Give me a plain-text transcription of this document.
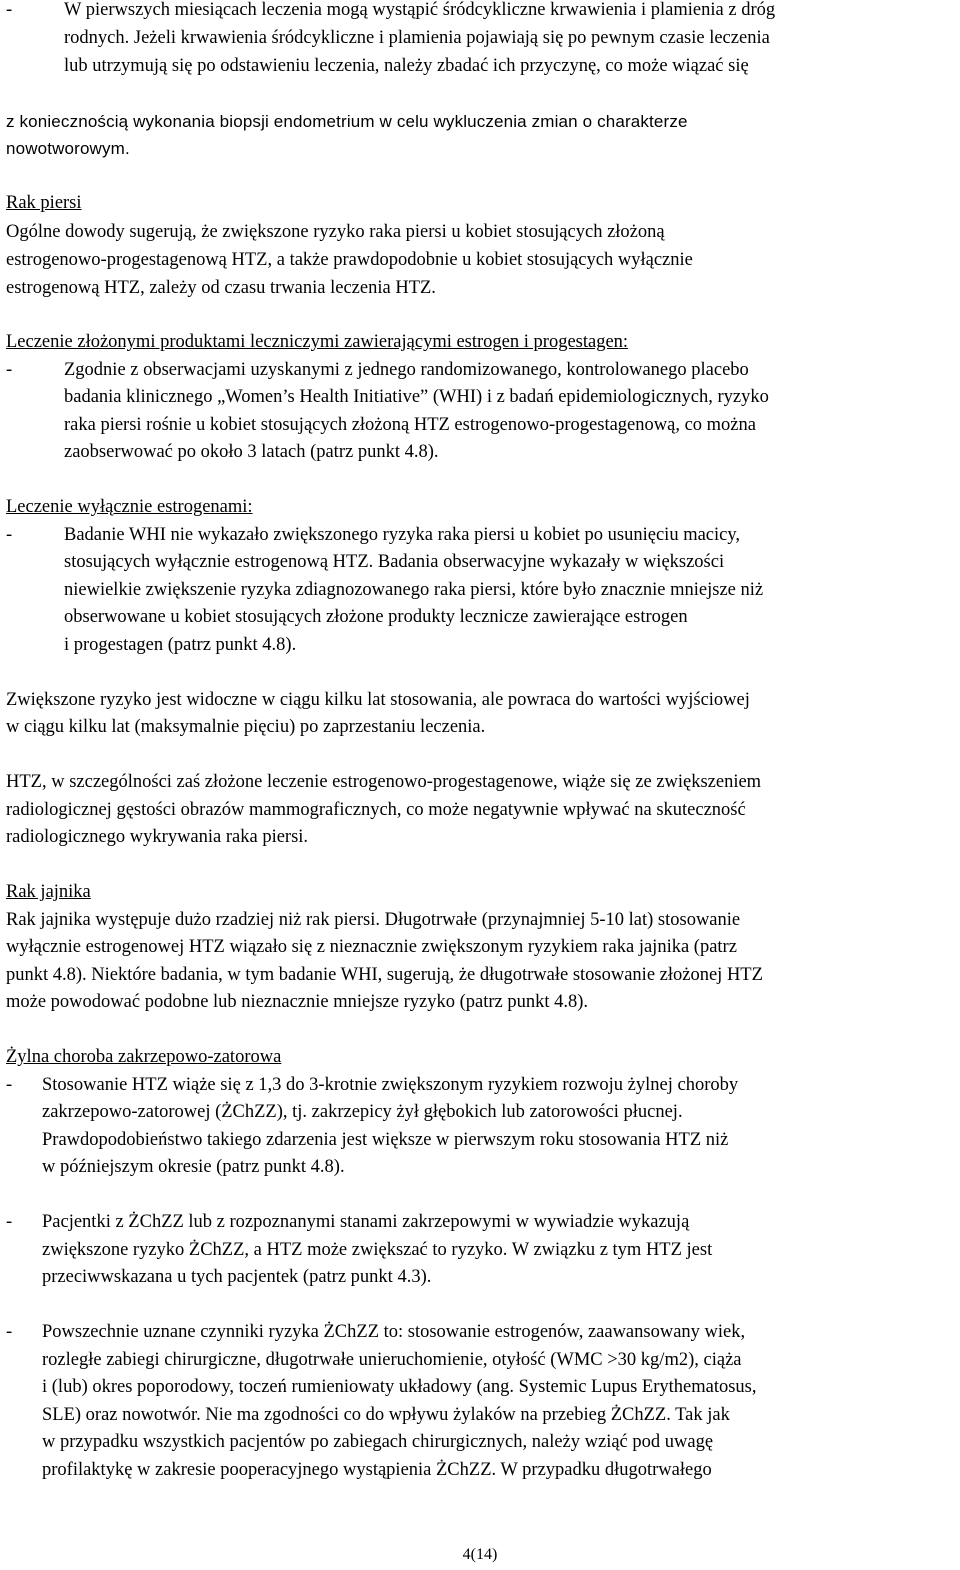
-	W pierwszych miesiącach leczenia mogą wystąpić śródcykliczne krwawienia i plamienia z dróg
rodnych. Jeżeli krwawienia śródcykliczne i plamienia pojawiają się po pewnym czasie leczenia
lub utrzymują się po odstawieniu leczenia, należy zbadać ich przyczynę, co może wiązać się
z koniecznością wykonania biopsji endometrium w celu wykluczenia zmian o charakterze
nowotworowym.
Rak piersi
Ogólne dowody sugerują, że zwiększone ryzyko raka piersi u kobiet stosujących złożoną
estrogenowo-progestagenową HTZ, a także prawdopodobnie u kobiet stosujących wyłącznie
estrogenową HTZ, zależy od czasu trwania leczenia HTZ.
Leczenie złożonymi produktami leczniczymi zawierającymi estrogen i progestagen:
-	Zgodnie z obserwacjami uzyskanymi z jednego randomizowanego, kontrolowanego placebo
badania klinicznego „Women’s Health Initiative” (WHI) i z badań epidemiologicznych, ryzyko
raka piersi rośnie u kobiet stosujących złożoną HTZ estrogenowo-progestagenową, co można
zaobserwować po około 3 latach (patrz punkt 4.8).
Leczenie wyłącznie estrogenami:
-	Badanie WHI nie wykazało zwiększonego ryzyka raka piersi u kobiet po usunięciu macicy,
stosujących wyłącznie estrogenową HTZ. Badania obserwacyjne wykazały w większości
niewielkie zwiększenie ryzyka zdiagnozowanego raka piersi, które było znacznie mniejsze niż
obserwowane u kobiet stosujących złożone produkty lecznicze zawierające estrogen
i progestagen (patrz punkt 4.8).
Zwiększone ryzyko jest widoczne w ciągu kilku lat stosowania, ale powraca do wartości wyjściowej
w ciągu kilku lat (maksymalnie pięciu) po zaprzestaniu leczenia.
HTZ, w szczególności zaś złożone leczenie estrogenowo-progestagenowe, wiąże się ze zwiększeniem
radiologicznej gęstości obrazów mammograficznych, co może negatywnie wpływać na skuteczność
radiologicznego wykrywania raka piersi.
Rak jajnika
Rak jajnika występuje dużo rzadziej niż rak piersi. Długotrwałe (przynajmniej 5-10 lat) stosowanie
wyłącznie estrogenowej HTZ wiązało się z nieznacznie zwiększonym ryzykiem raka jajnika (patrz
punkt 4.8). Niektóre badania, w tym badanie WHI, sugerują, że długotrwałe stosowanie złożonej HTZ
może powodować podobne lub nieznacznie mniejsze ryzyko (patrz punkt 4.8).
Żylna choroba zakrzepowo-zatorowa
- Stosowanie HTZ wiąże się z 1,3 do 3-krotnie zwiększonym ryzykiem rozwoju żylnej choroby
zakrzepowo-zatorowej (ŻChZZ), tj. zakrzepicy żył głębokich lub zatorowości płucnej.
Prawdopodobieństwo takiego zdarzenia jest większe w pierwszym roku stosowania HTZ niż
w późniejszym okresie (patrz punkt 4.8).
- Pacjentki z ŻChZZ lub z rozpoznanymi stanami zakrzepowymi w wywiadzie wykazują
zwiększone ryzyko ŻChZZ, a HTZ może zwiększać to ryzyko. W związku z tym HTZ jest
przeciwwskazana u tych pacjentek (patrz punkt 4.3).
- Powszechnie uznane czynniki ryzyka ŻChZZ to: stosowanie estrogenów, zaawansowany wiek,
rozległe zabiegi chirurgiczne, długotrwałe unieruchomienie, otyłość (WMC >30 kg/m2), ciąża
i (lub) okres poporodowy, toczeń rumieniowaty układowy (ang. Systemic Lupus Erythematosus,
SLE) oraz nowotwór. Nie ma zgodności co do wpływu żylaków na przebieg ŻChZZ. Tak jak
w przypadku wszystkich pacjentów po zabiegach chirurgicznych, należy wziąć pod uwagę
profilaktykę w zakresie pooperacyjnego wystąpienia ŻChZZ. W przypadku długotrwałego
4(14)
